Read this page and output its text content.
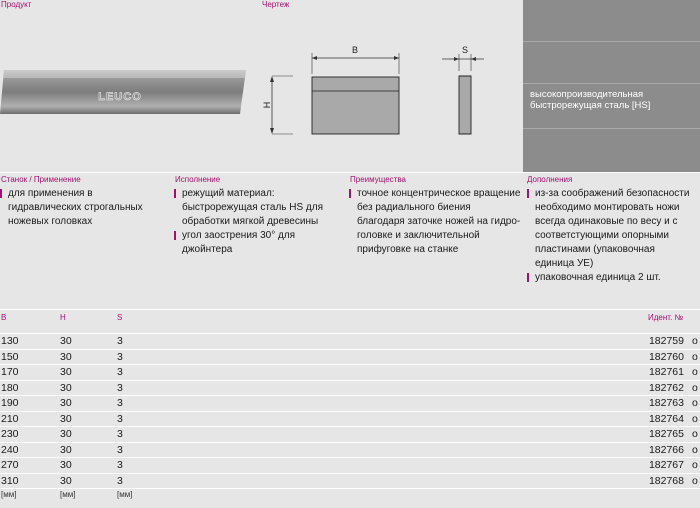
Продукт	Чертеж
высокопроизводительная быстрорежущая сталь [HS]
LEUCO
B
H
S
Станок / Применение	Исполнение	Преимущества	Дополнения
для применения в гидравлических строгальных ножевых головках
режущий материал: быстрорежущая сталь HS для обработки мягкой древесины
угол заострения 30° для джойнтера
точное концентрическое вращение без радиального биения благодаря заточке ножей на гидро-головке и заключительной прифуговке на станке
из-за соображений безопасности необходимо монтировать ножи всегда одинаковые по весу и с соответстующими опорными пластинами (упаковочная единица УЕ)
упаковочная единица 2 шт.
B	H	S	Идент. №
130	30	3	182759 o
150	30	3	182760 o
170	30	3	182761 o
180	30	3	182762 o
190	30	3	182763 o
210	30	3	182764 o
230	30	3	182765 o
240	30	3	182766 o
270	30	3	182767 o
310	30	3	182768 o
[мм]	[мм]	[мм]
